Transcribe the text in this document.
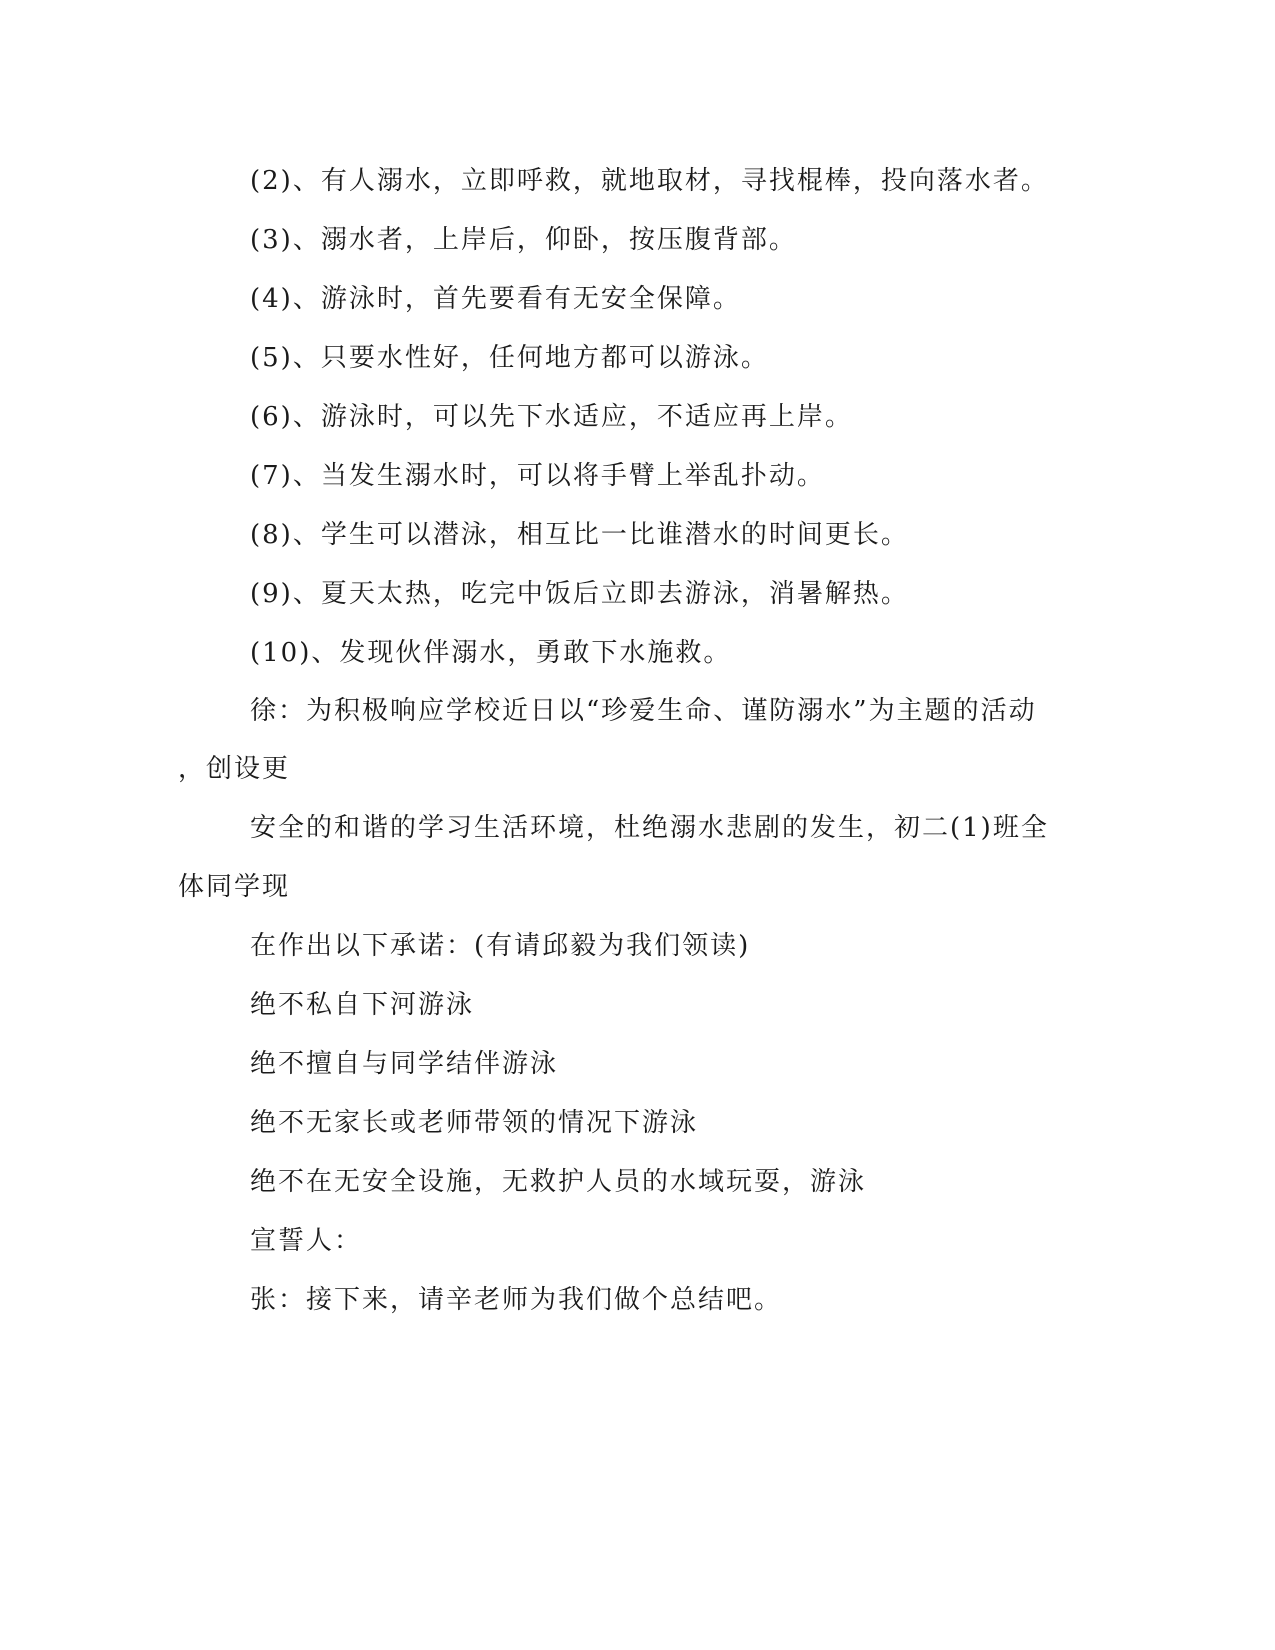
(2)、有人溺水，立即呼救，就地取材，寻找棍棒，投向落水者。
(3)、溺水者，上岸后，仰卧，按压腹背部。
(4)、游泳时，首先要看有无安全保障。
(5)、只要水性好，任何地方都可以游泳。
(6)、游泳时，可以先下水适应，不适应再上岸。
(7)、当发生溺水时，可以将手臂上举乱扑动。
(8)、学生可以潜泳，相互比一比谁潜水的时间更长。
(9)、夏天太热，吃完中饭后立即去游泳，消暑解热。
(10)、发现伙伴溺水，勇敢下水施救。
徐：为积极响应学校近日以“珍爱生命、谨防溺水”为主题的活动
，创设更
安全的和谐的学习生活环境，杜绝溺水悲剧的发生，初二(1)班全
体同学现
在作出以下承诺：(有请邱毅为我们领读)
绝不私自下河游泳
绝不擅自与同学结伴游泳
绝不无家长或老师带领的情况下游泳
绝不在无安全设施，无救护人员的水域玩耍，游泳
宣誓人：
张：接下来，请辛老师为我们做个总结吧。
